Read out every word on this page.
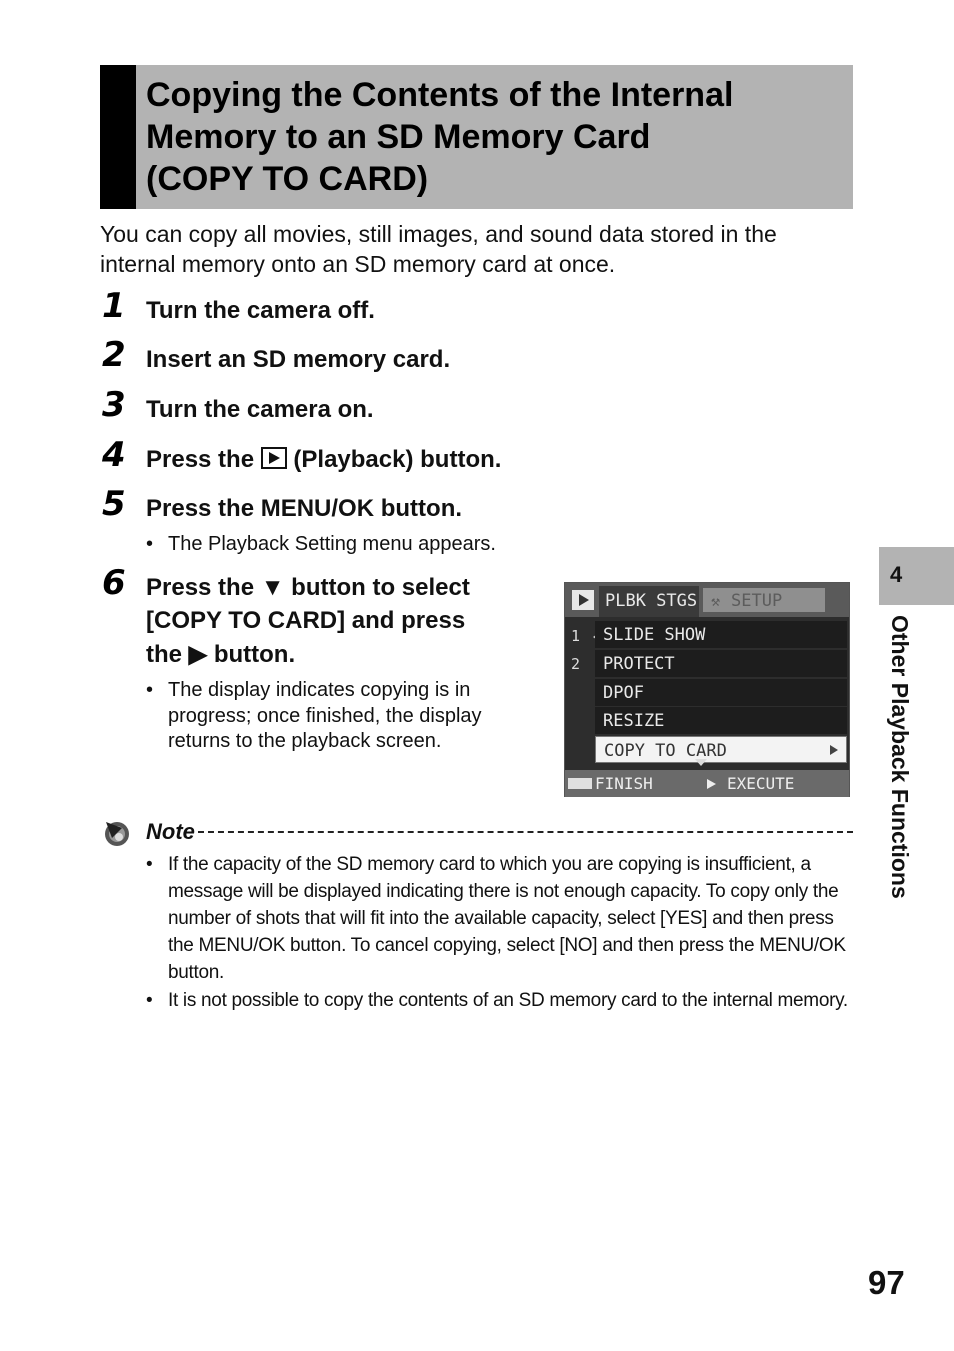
Copying the Contents of the Internal
Memory to an SD Memory Card
(COPY TO CARD)
You can copy all movies, still images, and sound data stored in the
internal memory onto an SD memory card at once.
1 Turn the camera off.
2 Insert an SD memory card.
3 Turn the camera on.
4 Press the (Playback) button.
5 Press the MENU/OK button.
• The Playback Setting menu appears.
6 Press the ▼ button to select
[COPY TO CARD] and press
the ▶ button.
• The display indicates copying is in
progress; once finished, the display
returns to the playback screen.
PLBK STGS ⚒ SETUP
1
2
SLIDE SHOW
PROTECT
DPOF
RESIZE
COPY TO CARD
FINISH	EXECUTE
Note
• If the capacity of the SD memory card to which you are copying is insufficient, a message will be displayed indicating there is not enough capacity. To copy only the number of shots that will fit into the available capacity, select [YES] and then press the MENU/OK button. To cancel copying, select [NO] and then press the MENU/OK button.
• It is not possible to copy the contents of an SD memory card to the internal memory.
4
Other Playback Functions
97
